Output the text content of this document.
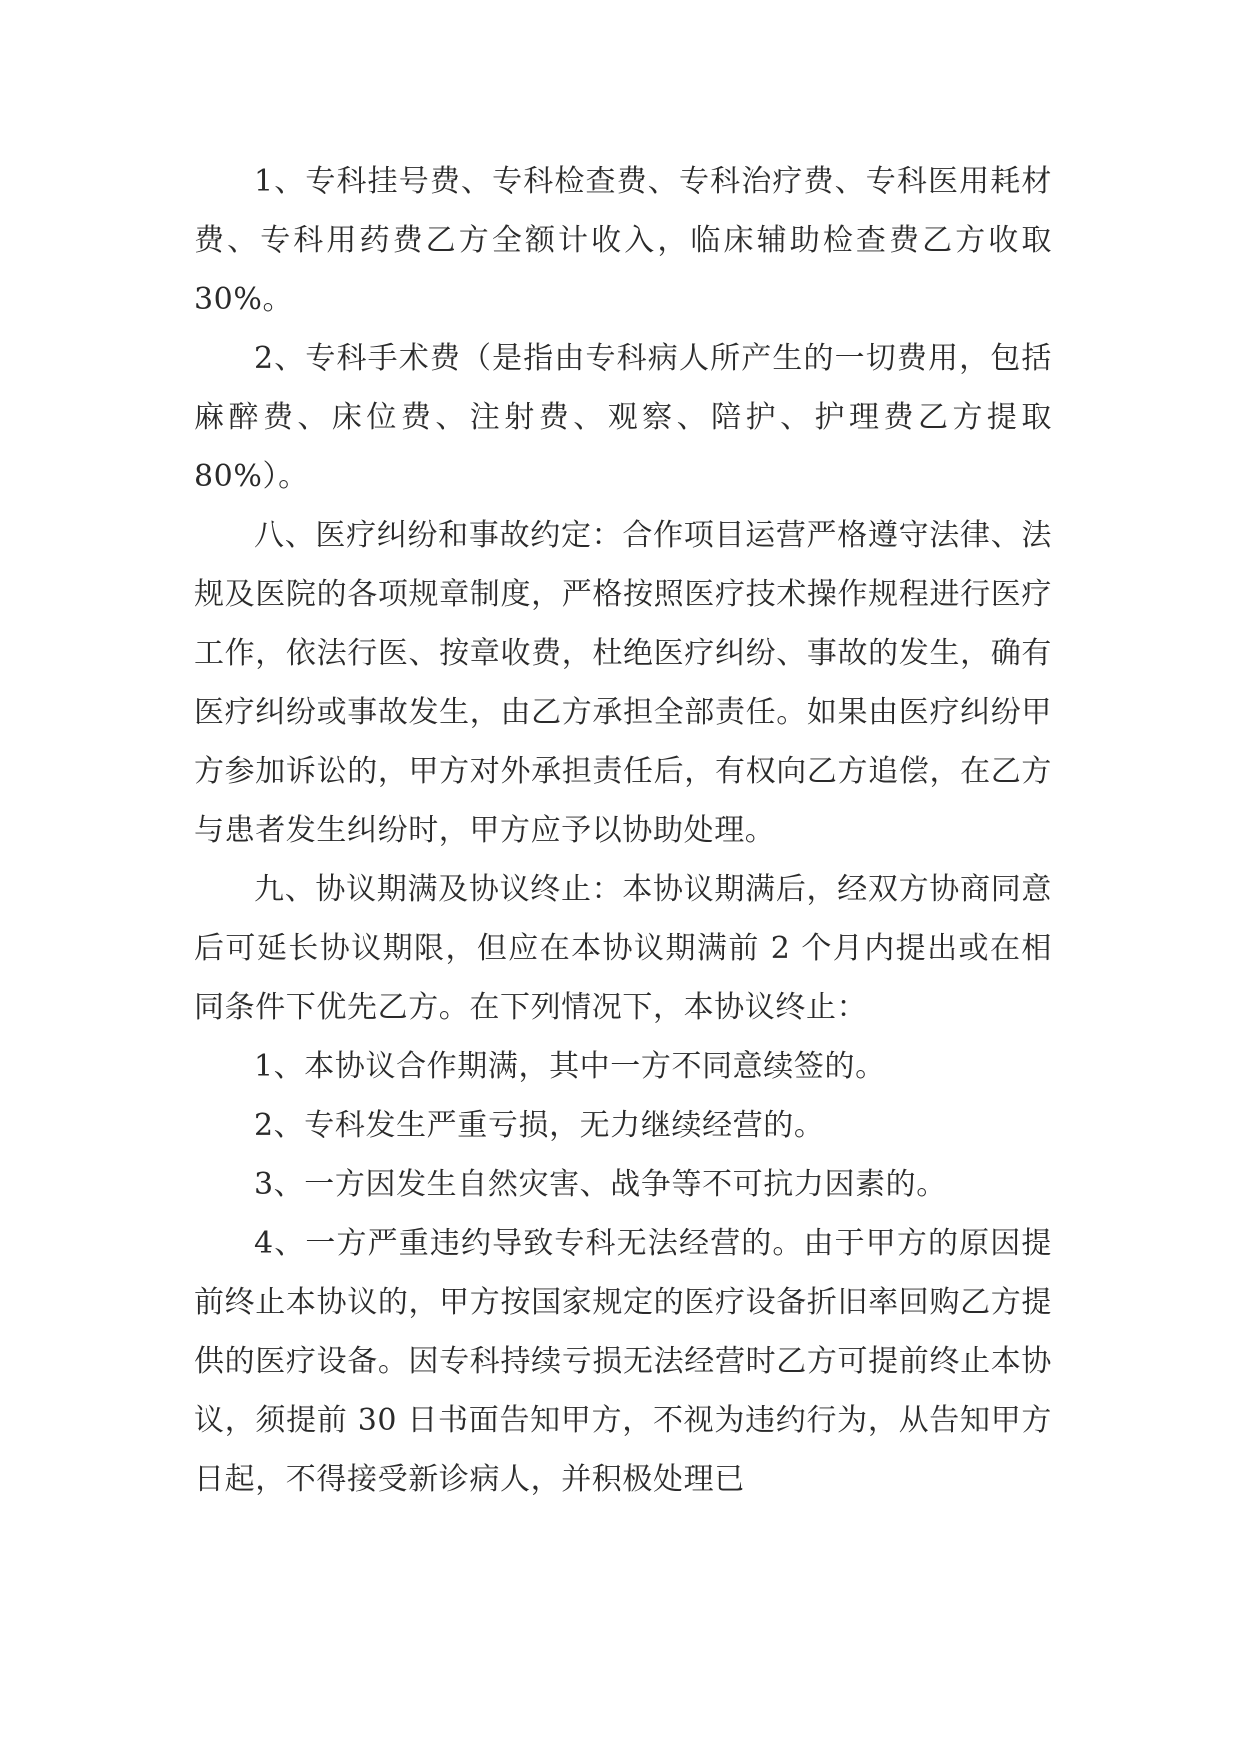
1、专科挂号费、专科检查费、专科治疗费、专科医用耗材费、专科用药费乙方全额计收入，临床辅助检查费乙方收取 30%。

2、专科手术费（是指由专科病人所产生的一切费用，包括麻醉费、床位费、注射费、观察、陪护、护理费乙方提取 80%）。

八、医疗纠纷和事故约定：合作项目运营严格遵守法律、法规及医院的各项规章制度，严格按照医疗技术操作规程进行医疗工作，依法行医、按章收费，杜绝医疗纠纷、事故的发生，确有医疗纠纷或事故发生，由乙方承担全部责任。如果由医疗纠纷甲方参加诉讼的，甲方对外承担责任后，有权向乙方追偿，在乙方与患者发生纠纷时，甲方应予以协助处理。

九、协议期满及协议终止：本协议期满后，经双方协商同意后可延长协议期限，但应在本协议期满前 2 个月内提出或在相同条件下优先乙方。在下列情况下，本协议终止：

1、本协议合作期满，其中一方不同意续签的。

2、专科发生严重亏损，无力继续经营的。

3、一方因发生自然灾害、战争等不可抗力因素的。

4、一方严重违约导致专科无法经营的。由于甲方的原因提前终止本协议的，甲方按国家规定的医疗设备折旧率回购乙方提供的医疗设备。因专科持续亏损无法经营时乙方可提前终止本协议，须提前 30 日书面告知甲方，不视为违约行为，从告知甲方日起，不得接受新诊病人，并积极处理已
